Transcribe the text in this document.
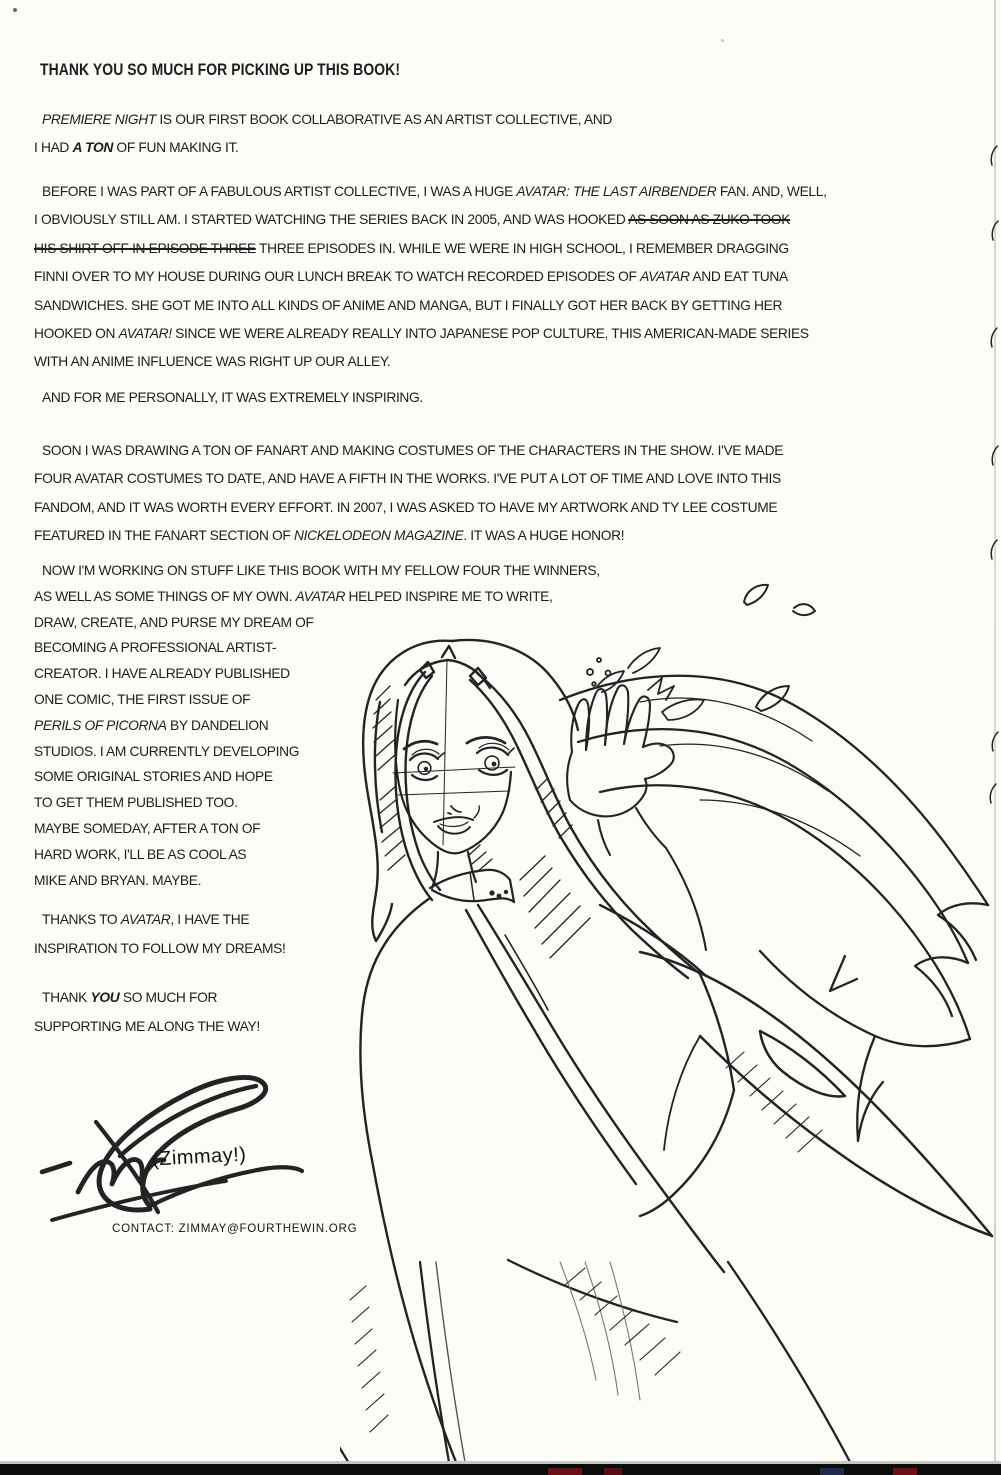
THANK YOU SO MUCH FOR PICKING UP THIS BOOK!
PREMIERE NIGHT IS OUR FIRST BOOK COLLABORATIVE AS AN ARTIST COLLECTIVE, AND
I HAD A TON OF FUN MAKING IT.
BEFORE I WAS PART OF A FABULOUS ARTIST COLLECTIVE, I WAS A HUGE AVATAR: THE LAST AIRBENDER FAN. AND, WELL,
I OBVIOUSLY STILL AM. I STARTED WATCHING THE SERIES BACK IN 2005, AND WAS HOOKED AS SOON AS ZUKO TOOK
HIS SHIRT OFF IN EPISODE THREE THREE EPISODES IN. WHILE WE WERE IN HIGH SCHOOL, I REMEMBER DRAGGING
FINNI OVER TO MY HOUSE DURING OUR LUNCH BREAK TO WATCH RECORDED EPISODES OF AVATAR AND EAT TUNA
SANDWICHES. SHE GOT ME INTO ALL KINDS OF ANIME AND MANGA, BUT I FINALLY GOT HER BACK BY GETTING HER
HOOKED ON AVATAR! SINCE WE WERE ALREADY REALLY INTO JAPANESE POP CULTURE, THIS AMERICAN-MADE SERIES
WITH AN ANIME INFLUENCE WAS RIGHT UP OUR ALLEY.
AND FOR ME PERSONALLY, IT WAS EXTREMELY INSPIRING.
SOON I WAS DRAWING A TON OF FANART AND MAKING COSTUMES OF THE CHARACTERS IN THE SHOW. I'VE MADE
FOUR AVATAR COSTUMES TO DATE, AND HAVE A FIFTH IN THE WORKS. I'VE PUT A LOT OF TIME AND LOVE INTO THIS
FANDOM, AND IT WAS WORTH EVERY EFFORT. IN 2007, I WAS ASKED TO HAVE MY ARTWORK AND TY LEE COSTUME
FEATURED IN THE FANART SECTION OF NICKELODEON MAGAZINE. IT WAS A HUGE HONOR!
NOW I'M WORKING ON STUFF LIKE THIS BOOK WITH MY FELLOW FOUR THE WINNERS,
AS WELL AS SOME THINGS OF MY OWN. AVATAR HELPED INSPIRE ME TO WRITE,
DRAW, CREATE, AND PURSE MY DREAM OF
BECOMING A PROFESSIONAL ARTIST-
CREATOR. I HAVE ALREADY PUBLISHED
ONE COMIC, THE FIRST ISSUE OF
PERILS OF PICORNA BY DANDELION
STUDIOS. I AM CURRENTLY DEVELOPING
SOME ORIGINAL STORIES AND HOPE
TO GET THEM PUBLISHED TOO.
MAYBE SOMEDAY, AFTER A TON OF
HARD WORK, I'LL BE AS COOL AS
MIKE AND BRYAN. MAYBE.
THANKS TO AVATAR, I HAVE THE
INSPIRATION TO FOLLOW MY DREAMS!
THANK YOU SO MUCH FOR
SUPPORTING ME ALONG THE WAY!
(Zimmay!)
CONTACT: ZIMMAY@FOURTHEWIN.ORG
